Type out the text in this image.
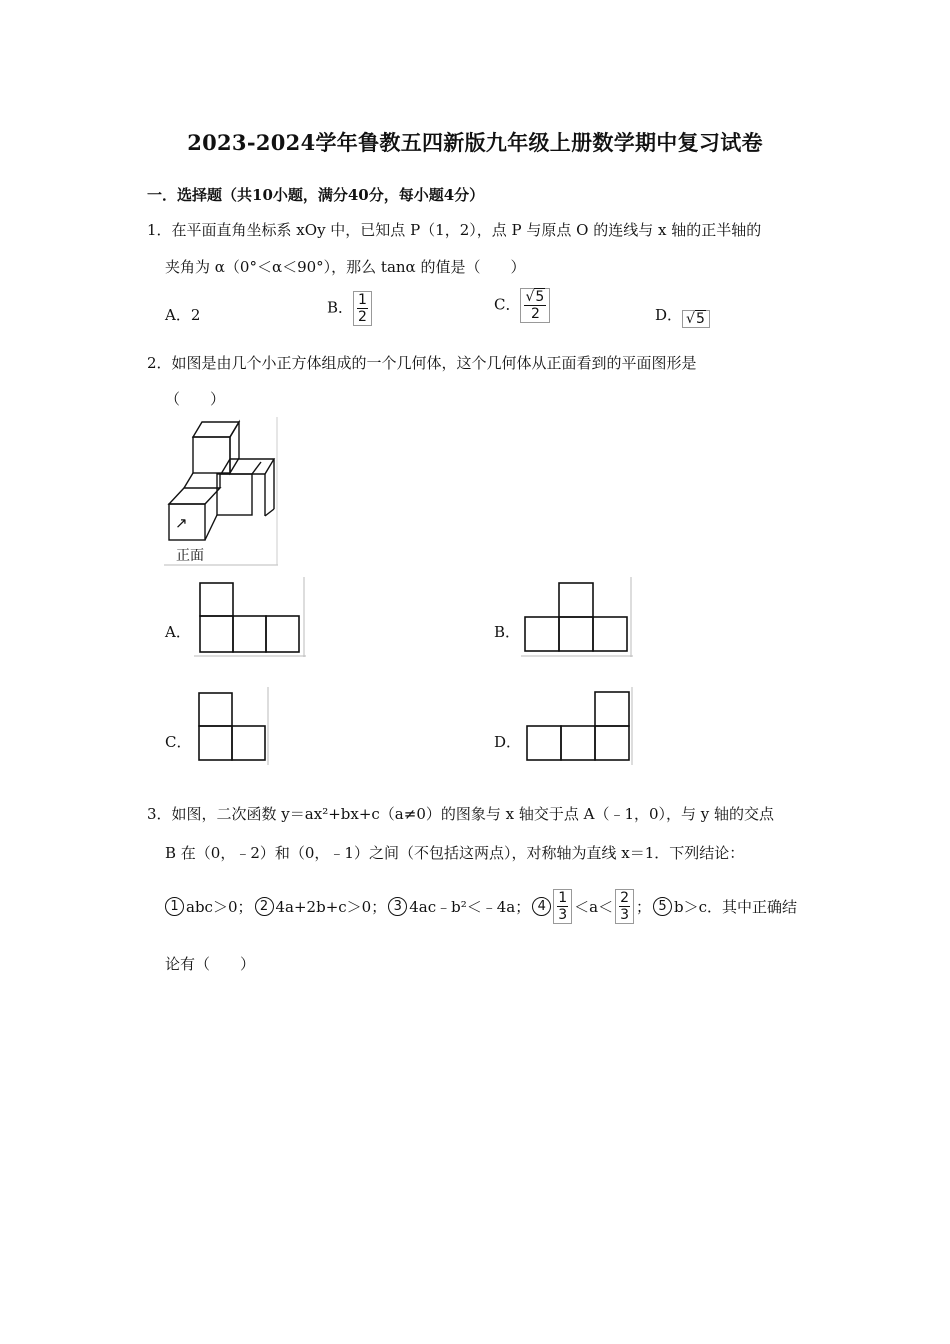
2023-2024学年鲁教五四新版九年级上册数学期中复习试卷
一．选择题（共10小题，满分40分，每小题4分）
1．在平面直角坐标系 xOy 中，已知点 P（1，2），点 P 与原点 O 的连线与 x 轴的正半轴的
夹角为 α（0°＜α＜90°），那么 tanα 的值是（　　）
A．2	B． $\frac{1}{2}$	C． $\frac{√5}{2}$	D． √5
2．如图是由几个小正方体组成的一个几何体，这个几何体从正面看到的平面图形是
（　　）
↗
正面
A．	B．
C．	D．
3．如图，二次函数 y＝ax²+bx+c（a≠0）的图象与 x 轴交于点 A（﹣1，0），与 y 轴的交点
B 在（0，﹣2）和（0，﹣1）之间（不包括这两点），对称轴为直线 x＝1．下列结论：
1 abc＞0； 2 4a+2b+c＞0； 3 4ac﹣b²＜﹣4a； $4 \frac{1}{3} <a< \frac{2}{3}$ ； 5 b＞c．其中正确结
论有（　　）
